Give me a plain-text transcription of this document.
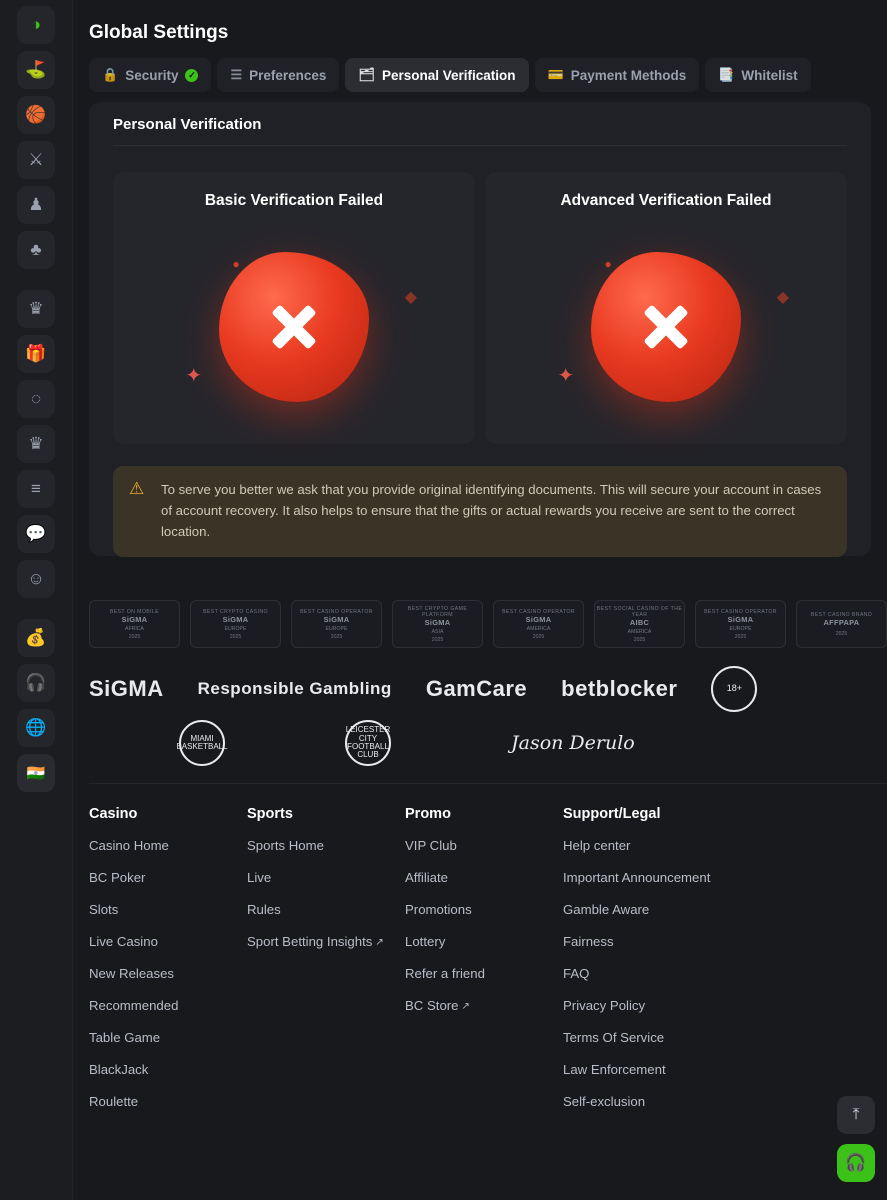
◑
⛳
🏀
⚔
♟
♣
♛
🎁
◌
♛
≡
💬
☺
💰
🎧
🌐
🇮🇳
Global Settings
🔒 Security	✓	☰ Preferences 🗂 Personal Verification 💳 Payment Methods 📑 Whitelist
Personal Verification
Basic Verification Failed
●
◆
✦
Advanced Verification Failed
●
◆
✦
⚠	To serve you better we ask that you provide original identifying documents. This will secure your account in cases of account recovery. It also helps to ensure that the gifts or actual rewards you receive are sent to the correct location.
BEST ON MOBILE
SiGMA
AFRICA
2025
BEST CRYPTO CASINO
SiGMA
EUROPE
2025
BEST CASINO OPERATOR
SiGMA
EUROPE
2025
BEST CRYPTO GAME PLATFORM
SiGMA
ASIA
2025
BEST CASINO OPERATOR
SiGMA
AMERICA
2025
BEST SOCIAL CASINO OF THE YEAR
AIBC
AMERICA
2025
BEST CASINO OPERATOR
SiGMA
EUROPE
2025
BEST CASINO BRAND
AFFPAPA
2025
SiGMA Responsible Gambling GamCare betblocker	18+
MIAMI BASKETBALL
LEICESTER CITY FOOTBALL CLUB
Jason Derulo
Casino
Casino Home
BC Poker
Slots
Live Casino
New Releases
Recommended
Table Game
BlackJack
Roulette
Sports
Sports Home
Live
Rules
Sport Betting Insights ↗
Promo
VIP Club
Affiliate
Promotions
Lottery
Refer a friend
BC Store ↗
Support/Legal
Help center
Important Announcement
Gamble Aware
Fairness
FAQ
Privacy Policy
Terms Of Service
Law Enforcement
Self-exclusion
⤒
🎧
